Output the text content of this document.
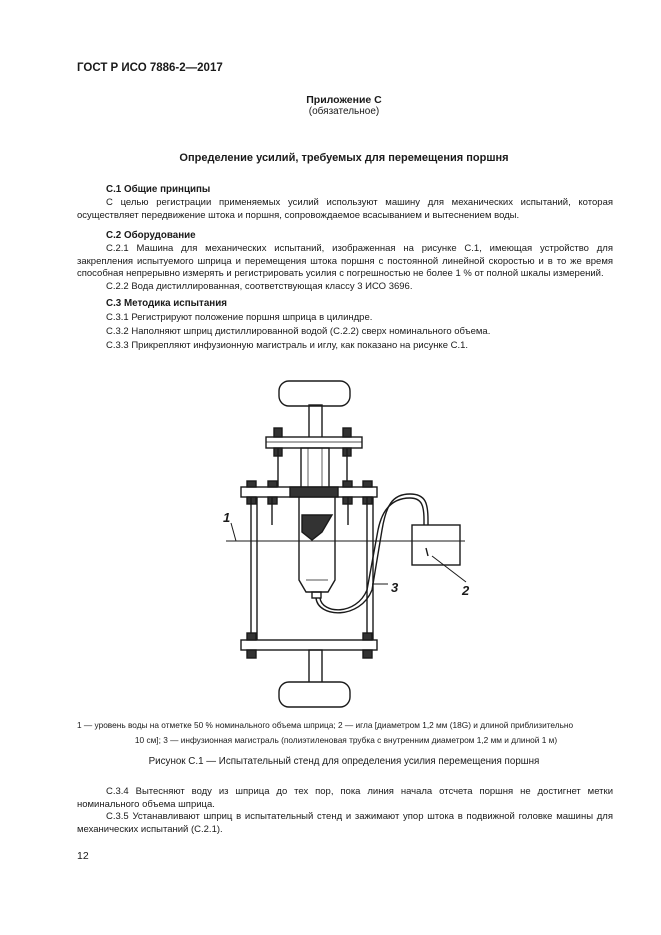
ГОСТ Р ИСО 7886-2—2017
Приложение С
(обязательное)
Определение усилий, требуемых для перемещения поршня
С.1 Общие принципы
С целью регистрации применяемых усилий используют машину для механических испытаний, которая осуществляет передвижение штока и поршня, сопровождаемое всасыванием и вытеснением воды.
С.2 Оборудование
С.2.1 Машина для механических испытаний, изображенная на рисунке С.1, имеющая устройство для закрепления испытуемого шприца и перемещения штока поршня с постоянной линейной скоростью и в то же время способная непрерывно измерять и регистрировать усилия с погрешностью не более 1 % от полной шкалы измерений.
С.2.2 Вода дистиллированная, соответствующая классу 3 ИСО 3696.
С.3 Методика испытания
С.3.1 Регистрируют положение поршня шприца в цилиндре.
С.3.2 Наполняют шприц дистиллированной водой (С.2.2) сверх номинального объема.
С.3.3 Прикрепляют инфузионную магистраль и иглу, как показано на рисунке С.1.
1
2
3
1 — уровень воды на отметке 50 % номинального объема шприца; 2 — игла [диаметром 1,2 мм (18G) и длиной приблизительно
10 см]; 3 — инфузионная магистраль (полиэтиленовая трубка с внутренним диаметром 1,2 мм и длиной 1 м)
Рисунок С.1 — Испытательный стенд для определения усилия перемещения поршня
С.3.4 Вытесняют воду из шприца до тех пор, пока линия начала отсчета поршня не достигнет метки номинального объема шприца.
С.3.5 Устанавливают шприц в испытательный стенд и зажимают упор штока в подвижной головке машины для механических испытаний (С.2.1).
12
